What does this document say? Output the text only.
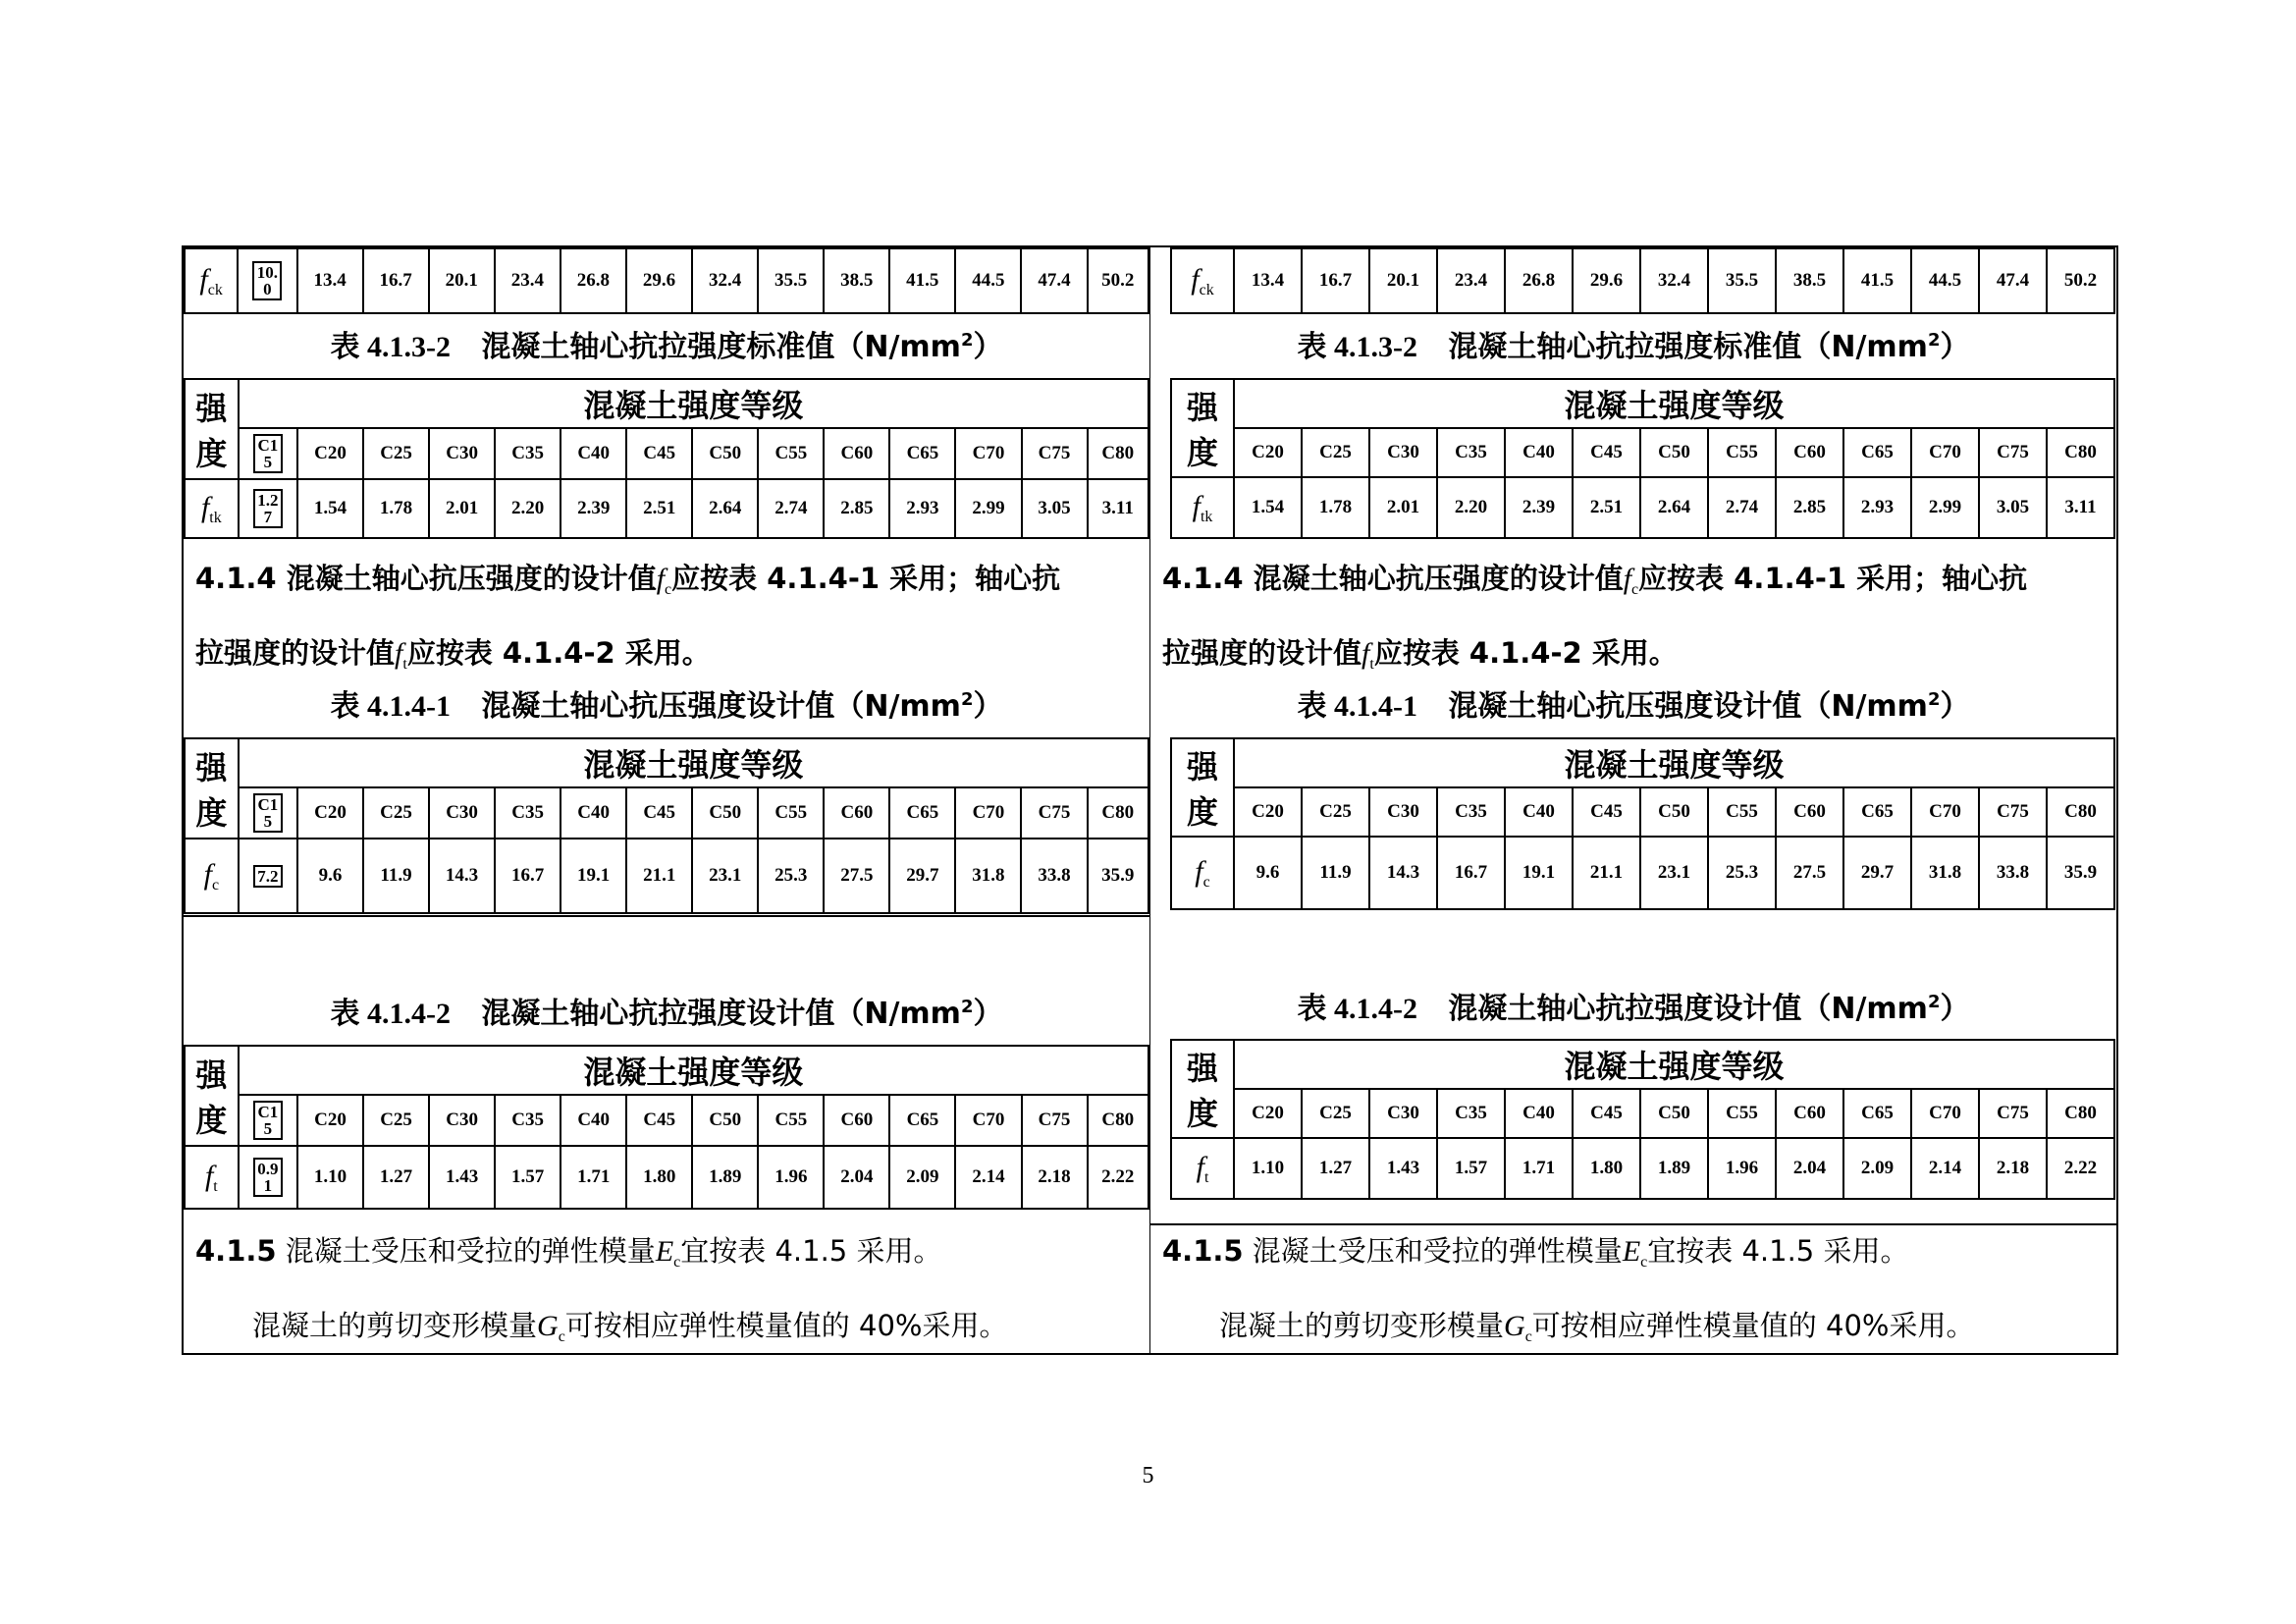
$f_{ck}$	10.0	13.4	16.7	20.1	23.4	26.8	29.6	32.4	35.5	38.5	41.5	44.5	47.4	50.2
表 4.1.3-2 混凝土轴心抗拉强度标准值$(N/mm^2)$
强度	混凝土强度等级													
	C15	C20	C25	C30	C35	C40	C45	C50	C55	C60	C65	C70	C75	C80
$f_{tk}$	1.27	1.54	1.78	2.01	2.20	2.39	2.51	2.64	2.74	2.85	2.93	2.99	3.05	3.11
4.1.4 混凝土轴心抗压强度的设计值$f_c$应按表 4.1.4-1 采用；轴心抗
拉强度的设计值$f_t$应按表 4.1.4-2 采用。
表 4.1.4-1 混凝土轴心抗压强度设计值$(N/mm^2)$
强度	混凝土强度等级													
	C15	C20	C25	C30	C35	C40	C45	C50	C55	C60	C65	C70	C75	C80
$f_c$	7.2	9.6	11.9	14.3	16.7	19.1	21.1	23.1	25.3	27.5	29.7	31.8	33.8	35.9
表 4.1.4-2 混凝土轴心抗拉强度设计值$(N/mm^2)$
强度	混凝土强度等级													
	C15	C20	C25	C30	C35	C40	C45	C50	C55	C60	C65	C70	C75	C80
$f_t$	0.91	1.10	1.27	1.43	1.57	1.71	1.80	1.89	1.96	2.04	2.09	2.14	2.18	2.22
4.1.5 混凝土受压和受拉的弹性模量$E_c$宜按表 4.1.5 采用。
混凝土的剪切变形模量$G_c$可按相应弹性模量值的 40%采用。
$f_{ck}$	13.4	16.7	20.1	23.4	26.8	29.6	32.4	35.5	38.5	41.5	44.5	47.4	50.2
表 4.1.3-2 混凝土轴心抗拉强度标准值$(N/mm^2)$
强度	混凝土强度等级												
	C20	C25	C30	C35	C40	C45	C50	C55	C60	C65	C70	C75	C80
$f_{tk}$	1.54	1.78	2.01	2.20	2.39	2.51	2.64	2.74	2.85	2.93	2.99	3.05	3.11
4.1.4 混凝土轴心抗压强度的设计值$f_c$应按表 4.1.4-1 采用；轴心抗
拉强度的设计值$f_t$应按表 4.1.4-2 采用。
表 4.1.4-1 混凝土轴心抗压强度设计值$(N/mm^2)$
强度	混凝土强度等级												
	C20	C25	C30	C35	C40	C45	C50	C55	C60	C65	C70	C75	C80
$f_c$	9.6	11.9	14.3	16.7	19.1	21.1	23.1	25.3	27.5	29.7	31.8	33.8	35.9
表 4.1.4-2 混凝土轴心抗拉强度设计值$(N/mm^2)$
强度	混凝土强度等级												
	C20	C25	C30	C35	C40	C45	C50	C55	C60	C65	C70	C75	C80
$f_t$	1.10	1.27	1.43	1.57	1.71	1.80	1.89	1.96	2.04	2.09	2.14	2.18	2.22
4.1.5 混凝土受压和受拉的弹性模量$E_c$宜按表 4.1.5 采用。
混凝土的剪切变形模量$G_c$可按相应弹性模量值的 40%采用。
5
